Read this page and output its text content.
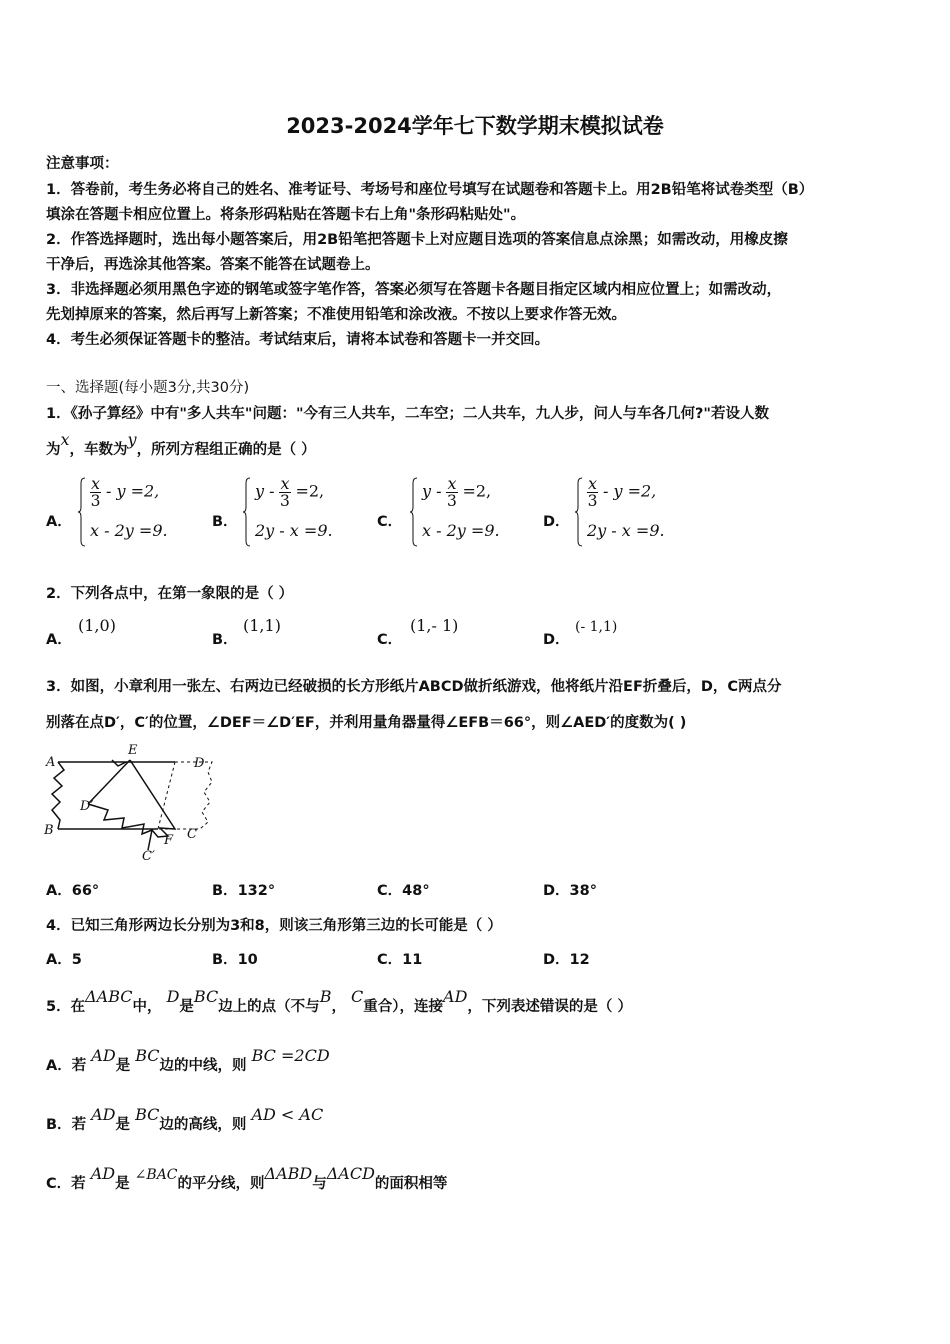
2023-2024学年七下数学期末模拟试卷
注意事项：
1．答卷前，考生务必将自己的姓名、准考证号、考场号和座位号填写在试题卷和答题卡上。用2B铅笔将试卷类型（B）
填涂在答题卡相应位置上。将条形码粘贴在答题卡右上角"条形码粘贴处"。
2．作答选择题时，选出每小题答案后，用2B铅笔把答题卡上对应题目选项的答案信息点涂黑；如需改动，用橡皮擦
干净后，再选涂其他答案。答案不能答在试题卷上。
3．非选择题必须用黑色字迹的钢笔或签字笔作答，答案必须写在答题卡各题目指定区域内相应位置上；如需改动，
先划掉原来的答案，然后再写上新答案；不准使用铅笔和涂改液。不按以上要求作答无效。
4．考生必须保证答题卡的整洁。考试结束后，请将本试卷和答题卡一并交回。
一、选择题(每小题3分,共30分)
1．《孙子算经》中有"多人共车"问题："今有三人共车，二车空；二人共车，九人步，问人与车各几何?"若设人数
为x，车数为y，所列方程组正确的是（ ）
A．
$\frac{x}{3} - y =2$,
x - 2y =9.	B．
$y - \frac{x}{3} =2$,
2y - x =9.	C．
$y - \frac{x}{3} =2$,
x - 2y =9.	D．
$\frac{x}{3} - y =2$,
2y - x =9.
2．下列各点中，在第一象限的是（ ）
A．
(1,0)
B．
(1,1)
C．
(1,- 1)
D．
(- 1,1)
3．如图，小章利用一张左、右两边已经破损的长方形纸片ABCD做折纸游戏，他将纸片沿EF折叠后，D，C两点分
别落在点D′，C′的位置，∠DEF＝∠D′EF，并利用量角器量得∠EFB＝66°，则∠AED′的度数为( )
A
E
D
D′
B
F C
C′
A．66°	B．132°	C．48°	D．38°
4．已知三角形两边长分别为3和8，则该三角形第三边的长可能是（ ）
A．5	B．10	C．11	D．12
5．在ΔABC中， D是BC边上的点（不与B， C重合），连接AD，下列表述错误的是（ ）
A．若 AD是 BC边的中线，则 BC =2CD
B．若 AD是 BC边的高线，则 AD < AC
C．若 AD是 ∠BAC的平分线，则ΔABD与ΔACD的面积相等
